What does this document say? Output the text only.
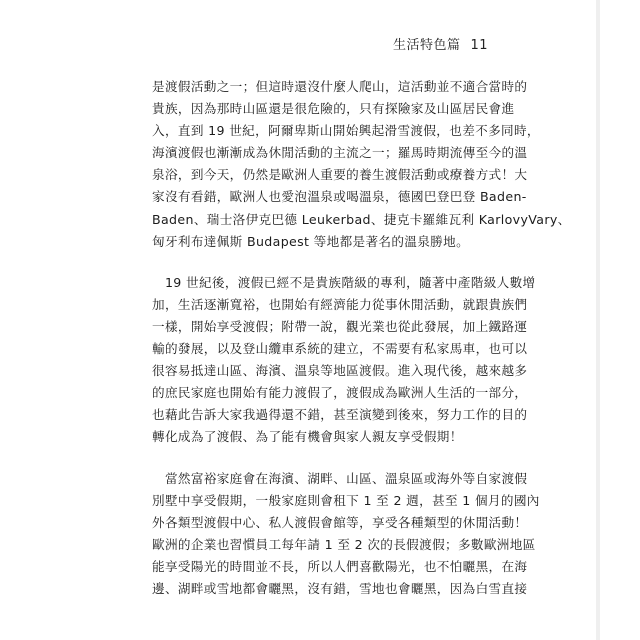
生活特色篇 11

是渡假活動之一；但這時還沒什麼人爬山，這活動並不適合當時的
貴族，因為那時山區還是很危險的，只有探險家及山區居民會進
入，直到 19 世紀，阿爾卑斯山開始興起滑雪渡假，也差不多同時，
海濱渡假也漸漸成為休閒活動的主流之一；羅馬時期流傳至今的溫
泉浴，到今天，仍然是歐洲人重要的養生渡假活動或療養方式！大
家沒有看錯，歐洲人也愛泡溫泉或喝溫泉，德國巴登巴登 Baden-
Baden、瑞士洛伊克巴德 Leukerbad、捷克卡羅維瓦利 KarlovyVary、
匈牙利布達佩斯 Budapest 等地都是著名的溫泉勝地。

　19 世紀後，渡假已經不是貴族階級的專利，隨著中產階級人數增
加，生活逐漸寬裕，也開始有經濟能力從事休閒活動，就跟貴族們
一樣，開始享受渡假；附帶一說，觀光業也從此發展，加上鐵路運
輸的發展，以及登山纜車系統的建立，不需要有私家馬車，也可以
很容易抵達山區、海濱、溫泉等地區渡假。進入現代後，越來越多
的庶民家庭也開始有能力渡假了，渡假成為歐洲人生活的一部分，
也藉此告訴大家我過得還不錯，甚至演變到後來，努力工作的目的
轉化成為了渡假、為了能有機會與家人親友享受假期！

　當然富裕家庭會在海濱、湖畔、山區、溫泉區或海外等自家渡假
別墅中享受假期，一般家庭則會租下 1 至 2 週，甚至 1 個月的國內
外各類型渡假中心、私人渡假會館等，享受各種類型的休閒活動！
歐洲的企業也習慣員工每年請 1 至 2 次的長假渡假；多數歐洲地區
能享受陽光的時間並不長，所以人們喜歡陽光，也不怕曬黑，在海
邊、湖畔或雪地都會曬黑，沒有錯，雪地也會曬黑，因為白雪直接
